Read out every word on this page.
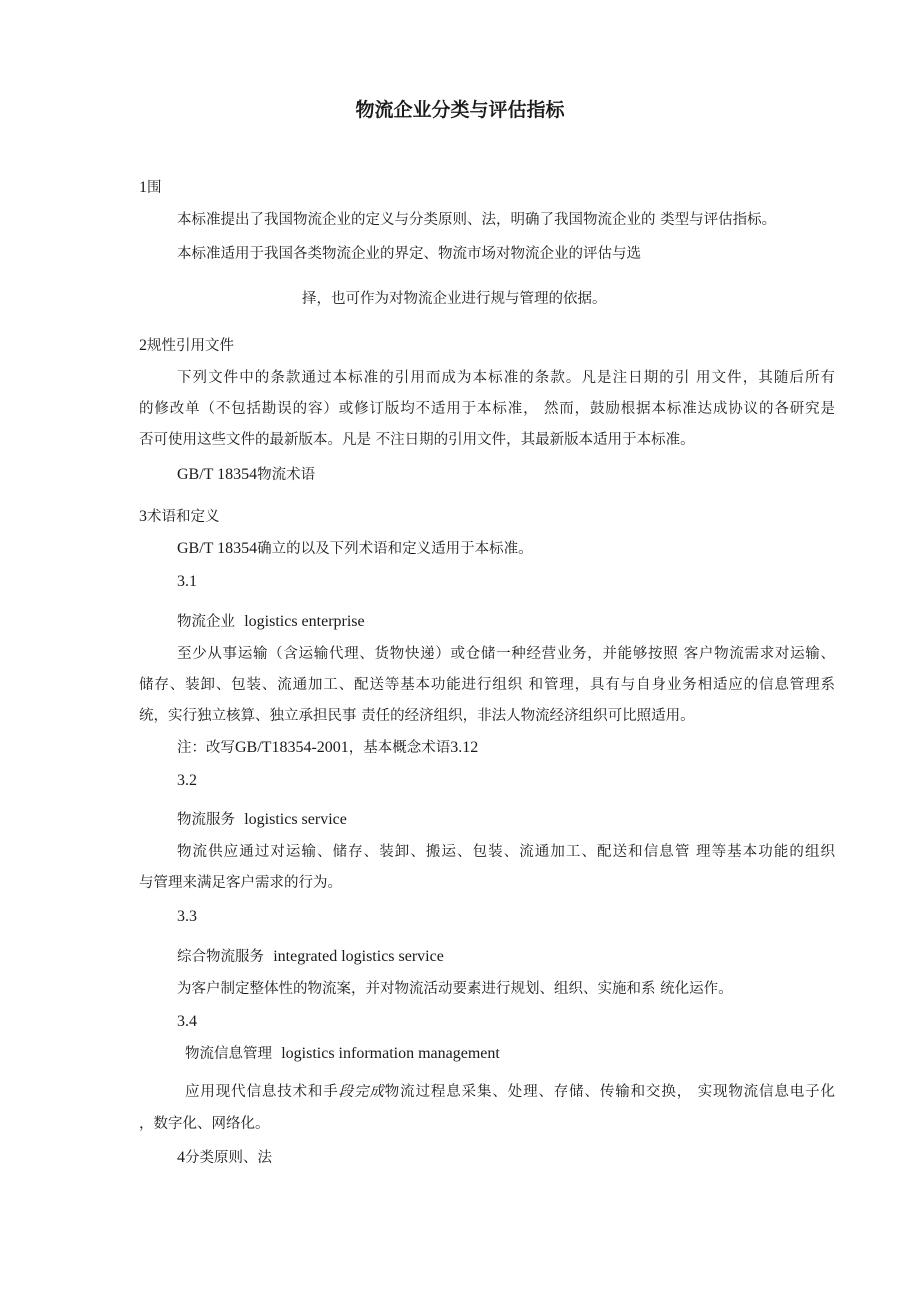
物流企业分类与评估指标
1围
本标准提出了我国物流企业的定义与分类原则、法，明确了我国物流企业的 类型与评估指标。
本标准适用于我国各类物流企业的界定、物流市场对物流企业的评估与选
择，也可作为对物流企业进行规与管理的依据。
2规性引用文件
下列文件中的条款通过本标准的引用而成为本标准的条款。凡是注日期的引 用文件，其随后所有
的修改单（不包括勘误的容）或修订版均不适用于本标准， 然而，鼓励根据本标准达成协议的各研究是
否可使用这些文件的最新版本。凡是 不注日期的引用文件，其最新版本适用于本标准。
GB/T 18354物流术语
3术语和定义
GB/T 18354确立的以及下列术语和定义适用于本标准。
3.1
物流企业 logistics enterprise
至少从事运输（含运输代理、货物快递）或仓储一种经营业务，并能够按照 客户物流需求对运输、
储存、装卸、包装、流通加工、配送等基本功能进行组织 和管理，具有与自身业务相适应的信息管理系
统，实行独立核算、独立承担民事 责任的经济组织，非法人物流经济组织可比照适用。
注：改写GB/T18354-2001，基本概念术语3.12
3.2
物流服务 logistics service
物流供应通过对运输、储存、装卸、搬运、包装、流通加工、配送和信息管 理等基本功能的组织
与管理来满足客户需求的行为。
3.3
综合物流服务 integrated logistics service
为客户制定整体性的物流案，并对物流活动要素进行规划、组织、实施和系 统化运作。
3.4
物流信息管理 logistics information management
应用现代信息技术和手段完成物流过程息采集、处理、存储、传输和交换， 实现物流信息电子化
，数字化、网络化。
4分类原则、法
